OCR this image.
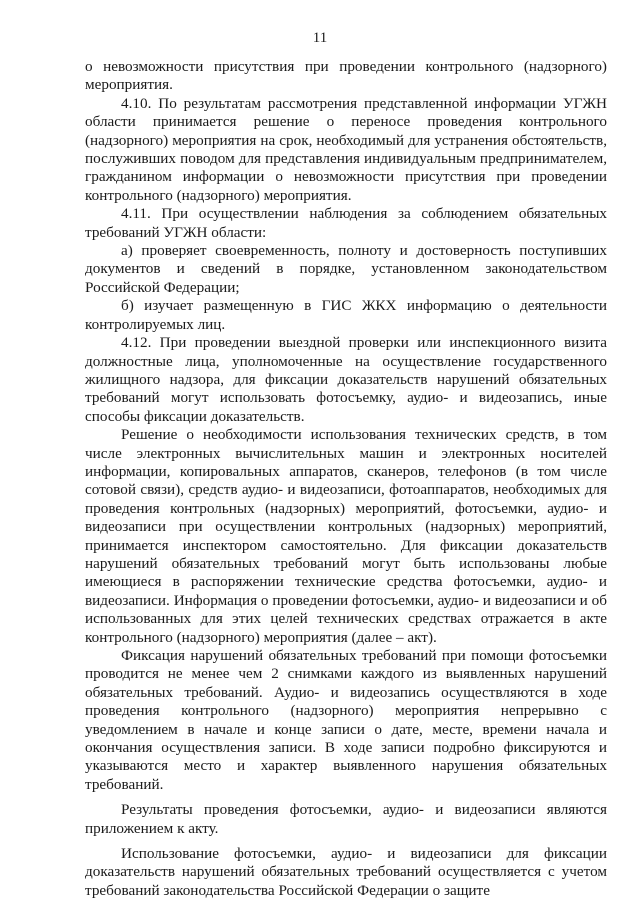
11

о невозможности присутствия при проведении контрольного (надзорного) мероприятия.

4.10. По результатам рассмотрения представленной информации УГЖН области принимается решение о переносе проведения контрольного (надзорного) мероприятия на срок, необходимый для устранения обстоятельств, послуживших поводом для представления индивидуальным предпринимателем, гражданином информации о невозможности присутствия при проведении контрольного (надзорного) мероприятия.

4.11. При осуществлении наблюдения за соблюдением обязательных требований УГЖН области:

а) проверяет своевременность, полноту и достоверность поступивших документов и сведений в порядке, установленном законодательством Российской Федерации;

б) изучает размещенную в ГИС ЖКХ информацию о деятельности контролируемых лиц.

4.12. При проведении выездной проверки или инспекционного визита должностные лица, уполномоченные на осуществление государственного жилищного надзора, для фиксации доказательств нарушений обязательных требований могут использовать фотосъемку, аудио- и видеозапись, иные способы фиксации доказательств.

Решение о необходимости использования технических средств, в том числе электронных вычислительных машин и электронных носителей информации, копировальных аппаратов, сканеров, телефонов (в том числе сотовой связи), средств аудио- и видеозаписи, фотоаппаратов, необходимых для проведения контрольных (надзорных) мероприятий, фотосъемки, аудио- и видеозаписи при осуществлении контрольных (надзорных) мероприятий, принимается инспектором самостоятельно. Для фиксации доказательств нарушений обязательных требований могут быть использованы любые имеющиеся в распоряжении технические средства фотосъемки, аудио- и видеозаписи. Информация о проведении фотосъемки, аудио- и видеозаписи и об использованных для этих целей технических средствах отражается в акте контрольного (надзорного) мероприятия (далее – акт).

Фиксация нарушений обязательных требований при помощи фотосъемки проводится не менее чем 2 снимками каждого из выявленных нарушений обязательных требований. Аудио- и видеозапись осуществляются в ходе проведения контрольного (надзорного) мероприятия непрерывно с уведомлением в начале и конце записи о дате, месте, времени начала и окончания осуществления записи. В ходе записи подробно фиксируются и указываются место и характер выявленного нарушения обязательных требований.

Результаты проведения фотосъемки, аудио- и видеозаписи являются приложением к акту.

Использование фотосъемки, аудио- и видеозаписи для фиксации доказательств нарушений обязательных требований осуществляется с учетом требований законодательства Российской Федерации о защите
